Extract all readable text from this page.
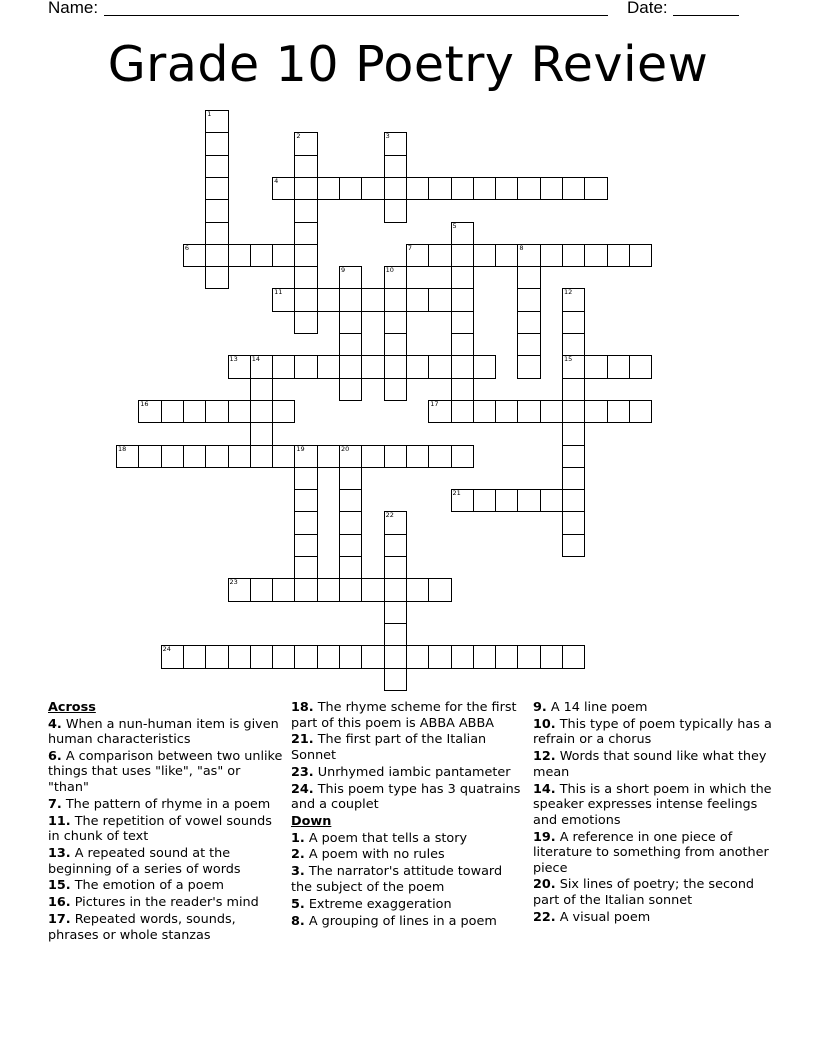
Name:	Date:
Grade 10 Poetry Review
1
2	3
4
5
6	7	8
9	10
11	12
15
13 14
16	17
18	19	20
21
22
23
24
Across
4. When a nun-human item is given human characteristics
6. A comparison between two unlike things that uses "like", "as" or "than"
7. The pattern of rhyme in a poem
11. The repetition of vowel sounds in chunk of text
13. A repeated sound at the beginning of a series of words
15. The emotion of a poem
16. Pictures in the reader's mind
17. Repeated words, sounds, phrases or whole stanzas
18. The rhyme scheme for the first part of this poem is ABBA ABBA
21. The first part of the Italian Sonnet
23. Unrhymed iambic pantameter
24. This poem type has 3 quatrains and a couplet
Down
1. A poem that tells a story
2. A poem with no rules
3. The narrator's attitude toward the subject of the poem
5. Extreme exaggeration
8. A grouping of lines in a poem
9. A 14 line poem
10. This type of poem typically has a refrain or a chorus
12. Words that sound like what they mean
14. This is a short poem in which the speaker expresses intense feelings and emotions
19. A reference in one piece of literature to something from another piece
20. Six lines of poetry; the second part of the Italian sonnet
22. A visual poem
